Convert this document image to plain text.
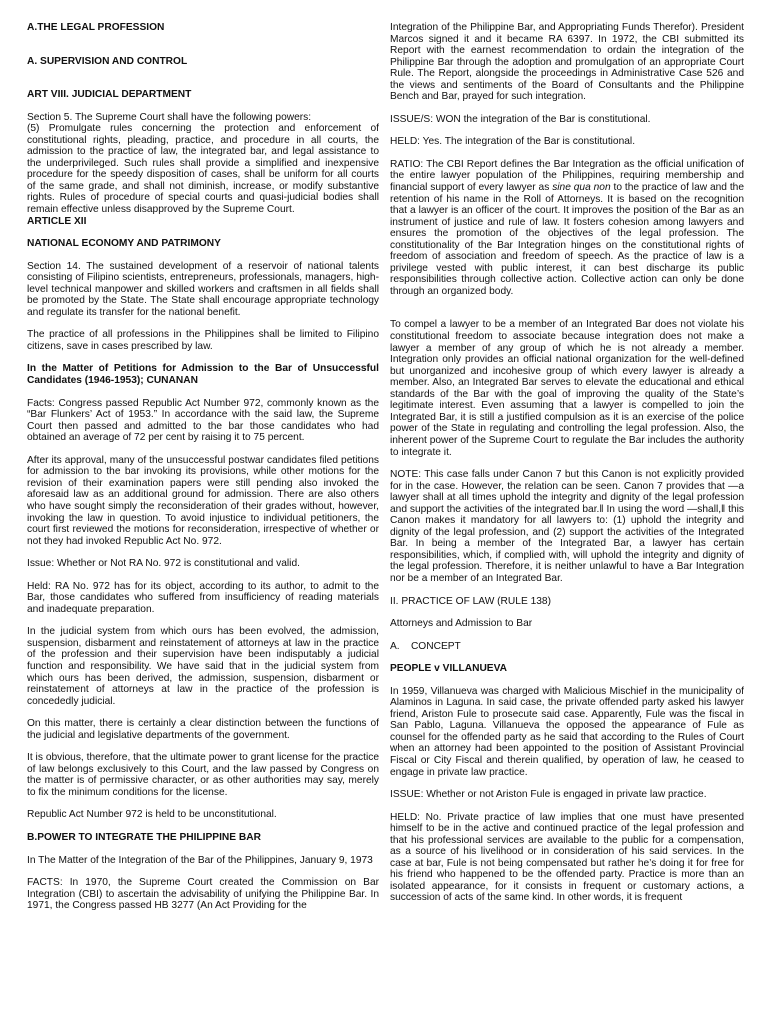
A.THE LEGAL PROFESSION

A. SUPERVISION AND CONTROL

ART VIII. JUDICIAL DEPARTMENT

Section 5. The Supreme Court shall have the following powers:

(5) Promulgate rules concerning the protection and enforcement of constitutional rights, pleading, practice, and procedure in all courts, the admission to the practice of law, the integrated bar, and legal assistance to the underprivileged. Such rules shall provide a simplified and inexpensive procedure for the speedy disposition of cases, shall be uniform for all courts of the same grade, and shall not diminish, increase, or modify substantive rights. Rules of procedure of special courts and quasi-judicial bodies shall remain effective unless disapproved by the Supreme Court.

ARTICLE XII

NATIONAL ECONOMY AND PATRIMONY

Section 14. The sustained development of a reservoir of national talents consisting of Filipino scientists, entrepreneurs, professionals, managers, high-level technical manpower and skilled workers and craftsmen in all fields shall be promoted by the State. The State shall encourage appropriate technology and regulate its transfer for the national benefit.

The practice of all professions in the Philippines shall be limited to Filipino citizens, save in cases prescribed by law.

In the Matter of Petitions for Admission to the Bar of Unsuccessful Candidates (1946-1953); CUNANAN

Facts: Congress passed Republic Act Number 972, commonly known as the “Bar Flunkers’ Act of 1953.” In accordance with the said law, the Supreme Court then passed and admitted to the bar those candidates who had obtained an average of 72 per cent by raising it to 75 percent.

After its approval, many of the unsuccessful postwar candidates filed petitions for admission to the bar invoking its provisions, while other motions for the revision of their examination papers were still pending also invoked the aforesaid law as an additional ground for admission. There are also others who have sought simply the reconsideration of their grades without, however, invoking the law in question. To avoid injustice to individual petitioners, the court first reviewed the motions for reconsideration, irrespective of whether or not they had invoked Republic Act No. 972.

Issue: Whether or Not RA No. 972 is constitutional and valid.

Held: RA No. 972 has for its object, according to its author, to admit to the Bar, those candidates who suffered from insufficiency of reading materials and inadequate preparation.

In the judicial system from which ours has been evolved, the admission, suspension, disbarment and reinstatement of attorneys at law in the practice of the profession and their supervision have been indisputably a judicial function and responsibility. We have said that in the judicial system from which ours has been derived, the admission, suspension, disbarment or reinstatement of attorneys at law in the practice of the profession is concededly judicial.

On this matter, there is certainly a clear distinction between the functions of the judicial and legislative departments of the government.

It is obvious, therefore, that the ultimate power to grant license for the practice of law belongs exclusively to this Court, and the law passed by Congress on the matter is of permissive character, or as other authorities may say, merely to fix the minimum conditions for the license.

Republic Act Number 972 is held to be unconstitutional.

B.POWER TO INTEGRATE THE PHILIPPINE BAR

In The Matter of the Integration of the Bar of the Philippines, January 9, 1973

FACTS: In 1970, the Supreme Court created the Commission on Bar Integration (CBI) to ascertain the advisability of unifying the Philippine Bar. In 1971, the Congress passed HB 3277 (An Act Providing for the

Integration of the Philippine Bar, and Appropriating Funds Therefor). President Marcos signed it and it became RA 6397. In 1972, the CBI submitted its Report with the earnest recommendation to ordain the integration of the Philippine Bar through the adoption and promulgation of an appropriate Court Rule. The Report, alongside the proceedings in Administrative Case 526 and the views and sentiments of the Board of Consultants and the Philippine Bench and Bar, prayed for such integration.

ISSUE/S: WON the integration of the Bar is constitutional.

HELD: Yes. The integration of the Bar is constitutional.

RATIO: The CBI Report defines the Bar Integration as the official unification of the entire lawyer population of the Philippines, requiring membership and financial support of every lawyer as sine qua non to the practice of law and the retention of his name in the Roll of Attorneys. It is based on the recognition that a lawyer is an officer of the court. It improves the position of the Bar as an instrument of justice and rule of law. It fosters cohesion among lawyers and ensures the promotion of the objectives of the legal profession. The constitutionality of the Bar Integration hinges on the constitutional rights of freedom of association and freedom of speech. As the practice of law is a privilege vested with public interest, it can best discharge its public responsibilities through collective action. Collective action can only be done through an organized body.

To compel a lawyer to be a member of an Integrated Bar does not violate his constitutional freedom to associate because integration does not make a lawyer a member of any group of which he is not already a member. Integration only provides an official national organization for the well-defined but unorganized and incohesive group of which every lawyer is already a member. Also, an Integrated Bar serves to elevate the educational and ethical standards of the Bar with the goal of improving the quality of the State’s legitimate interest. Even assuming that a lawyer is compelled to join the Integrated Bar, it is still a justified compulsion as it is an exercise of the police power of the State in regulating and controlling the legal profession. Also, the inherent power of the Supreme Court to regulate the Bar includes the authority to integrate it.

NOTE: This case falls under Canon 7 but this Canon is not explicitly provided for in the case. However, the relation can be seen. Canon 7 provides that ―a lawyer shall at all times uphold the integrity and dignity of the legal profession and support the activities of the integrated bar.‖ In using the word ―shall,‖ this Canon makes it mandatory for all lawyers to: (1) uphold the integrity and dignity of the legal profession, and (2) support the activities of the Integrated Bar. In being a member of the Integrated Bar, a lawyer has certain responsibilities, which, if complied with, will uphold the integrity and dignity of the legal profession. Therefore, it is neither unlawful to have a Bar Integration nor be a member of an Integrated Bar.

II. PRACTICE OF LAW (RULE 138)

Attorneys and Admission to Bar

A.    CONCEPT

PEOPLE v VILLANUEVA

In 1959, Villanueva was charged with Malicious Mischief in the municipality of Alaminos in Laguna. In said case, the private offended party asked his lawyer friend, Ariston Fule to prosecute said case. Apparently, Fule was the fiscal in San Pablo, Laguna. Villanueva the opposed the appearance of Fule as counsel for the offended party as he said that according to the Rules of Court when an attorney had been appointed to the position of Assistant Provincial Fiscal or City Fiscal and therein qualified, by operation of law, he ceased to engage in private law practice.

ISSUE: Whether or not Ariston Fule is engaged in private law practice.

HELD: No. Private practice of law implies that one must have presented himself to be in the active and continued practice of the legal profession and that his professional services are available to the public for a compensation, as a source of his livelihood or in consideration of his said services. In the case at bar, Fule is not being compensated but rather he’s doing it for free for his friend who happened to be the offended party. Practice is more than an isolated appearance, for it consists in frequent or customary actions, a succession of acts of the same kind. In other words, it is frequent
